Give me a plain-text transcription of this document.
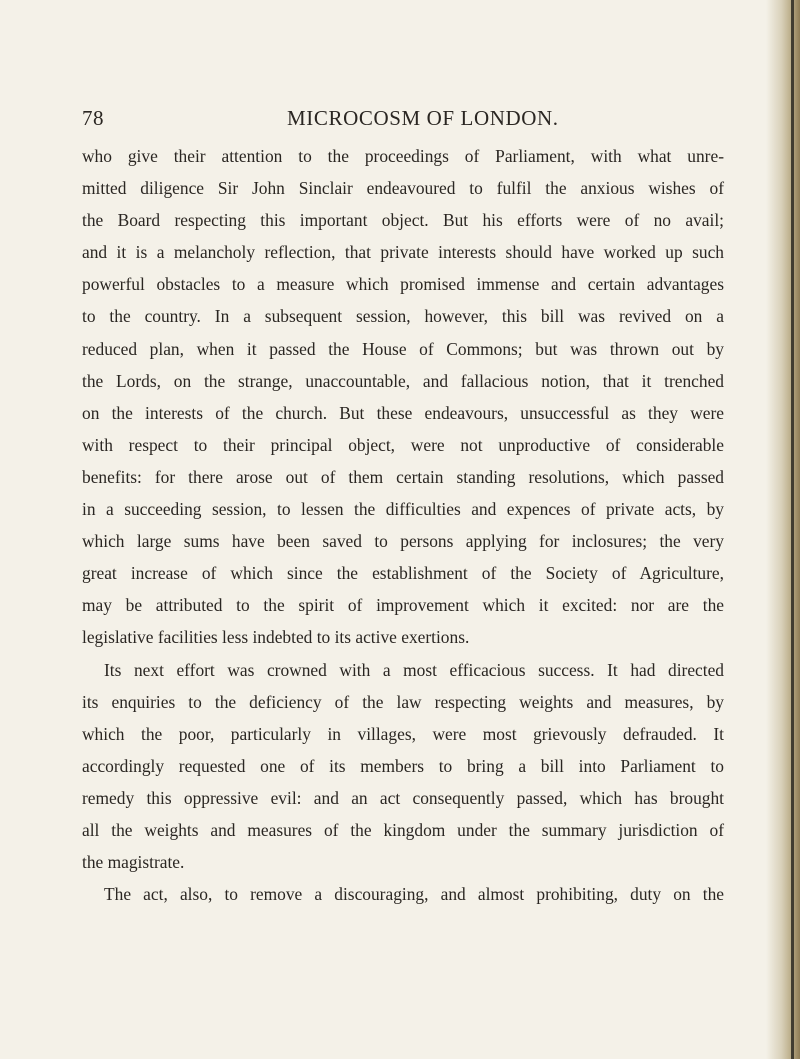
78	MICROCOSM OF LONDON.
who give their attention to the proceedings of Parliament, with what unre-
mitted diligence Sir John Sinclair endeavoured to fulfil the anxious wishes of
the Board respecting this important object. But his efforts were of no avail;
and it is a melancholy reflection, that private interests should have worked up such
powerful obstacles to a measure which promised immense and certain advantages
to the country. In a subsequent session, however, this bill was revived on a
reduced plan, when it passed the House of Commons; but was thrown out by
the Lords, on the strange, unaccountable, and fallacious notion, that it trenched
on the interests of the church. But these endeavours, unsuccessful as they were
with respect to their principal object, were not unproductive of considerable
benefits: for there arose out of them certain standing resolutions, which passed
in a succeeding session, to lessen the difficulties and expences of private acts, by
which large sums have been saved to persons applying for inclosures; the very
great increase of which since the establishment of the Society of Agriculture,
may be attributed to the spirit of improvement which it excited: nor are the
legislative facilities less indebted to its active exertions.
Its next effort was crowned with a most efficacious success. It had directed
its enquiries to the deficiency of the law respecting weights and measures, by
which the poor, particularly in villages, were most grievously defrauded. It
accordingly requested one of its members to bring a bill into Parliament to
remedy this oppressive evil: and an act consequently passed, which has brought
all the weights and measures of the kingdom under the summary jurisdiction of
the magistrate.
The act, also, to remove a discouraging, and almost prohibiting, duty on the
